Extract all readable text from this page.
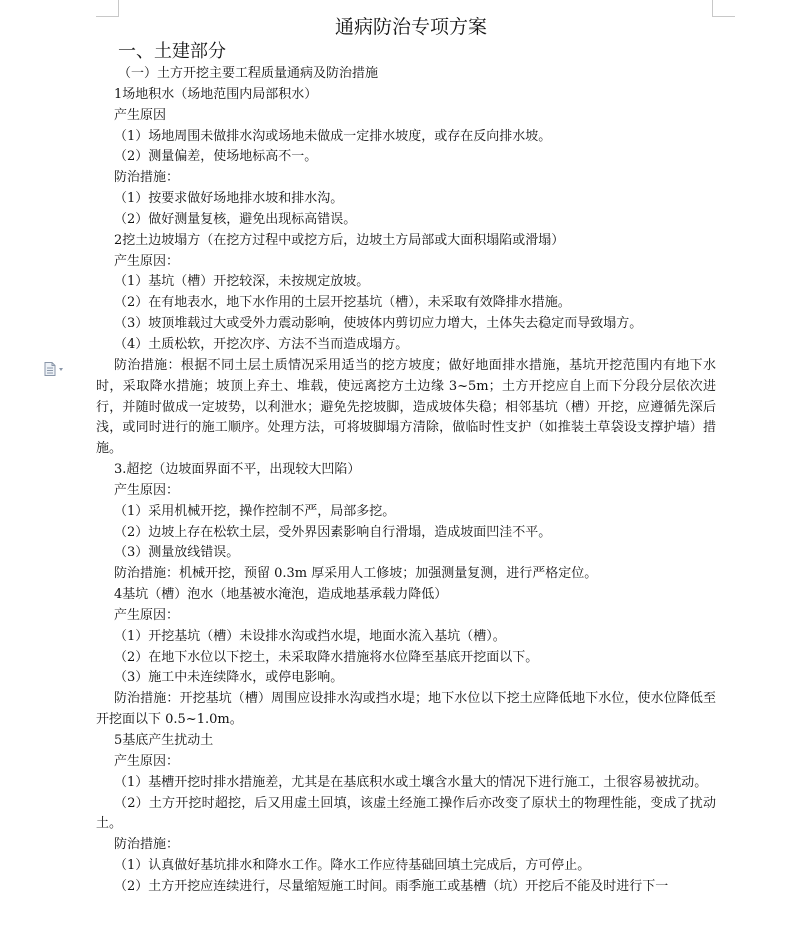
通病防治专项方案
一、土建部分

（一）土方开挖主要工程质量通病及防治措施

1场地积水（场地范围内局部积水）

产生原因

（1）场地周围未做排水沟或场地未做成一定排水坡度，或存在反向排水坡。

（2）测量偏差，使场地标高不一。

防治措施：

（1）按要求做好场地排水坡和排水沟。

（2）做好测量复核，避免出现标高错误。

2挖土边坡塌方（在挖方过程中或挖方后，边坡土方局部或大面积塌陷或滑塌）

产生原因：

（1）基坑（槽）开挖较深，未按规定放坡。

（2）在有地表水，地下水作用的土层开挖基坑（槽），未采取有效降排水措施。

（3）坡顶堆载过大或受外力震动影响，使坡体内剪切应力增大，土体失去稳定而导致塌方。

（4）土质松软，开挖次序、方法不当而造成塌方。

防治措施：根据不同土层土质情况采用适当的挖方坡度；做好地面排水措施，基坑开挖范围内有地下水时，采取降水措施；坡顶上弃土、堆载，使远离挖方土边缘 3~5m；土方开挖应自上而下分段分层依次进行，并随时做成一定坡势，以利泄水；避免先挖坡脚，造成坡体失稳；相邻基坑（槽）开挖，应遵循先深后浅，或同时进行的施工顺序。处理方法，可将坡脚塌方清除，做临时性支护（如推装土草袋设支撑护墙）措施。

3.超挖（边坡面界面不平，出现较大凹陷）

产生原因：

（1）采用机械开挖，操作控制不严，局部多挖。

（2）边坡上存在松软土层，受外界因素影响自行滑塌，造成坡面凹洼不平。

（3）测量放线错误。

防治措施：机械开挖，预留 0.3m 厚采用人工修坡；加强测量复测，进行严格定位。

4基坑（槽）泡水（地基被水淹泡，造成地基承载力降低）

产生原因：

（1）开挖基坑（槽）未设排水沟或挡水堤，地面水流入基坑（槽）。

（2）在地下水位以下挖土，未采取降水措施将水位降至基底开挖面以下。

（3）施工中未连续降水，或停电影响。

防治措施：开挖基坑（槽）周围应设排水沟或挡水堤；地下水位以下挖土应降低地下水位，使水位降低至开挖面以下 0.5~1.0m。

5基底产生扰动土

产生原因：

（1）基槽开挖时排水措施差，尤其是在基底积水或土壤含水量大的情况下进行施工，土很容易被扰动。

（2）土方开挖时超挖，后又用虚土回填，该虚土经施工操作后亦改变了原状土的物理性能，变成了扰动土。

防治措施：

（1）认真做好基坑排水和降水工作。降水工作应待基础回填土完成后，方可停止。

（2）土方开挖应连续进行，尽量缩短施工时间。雨季施工或基槽（坑）开挖后不能及时进行下一
